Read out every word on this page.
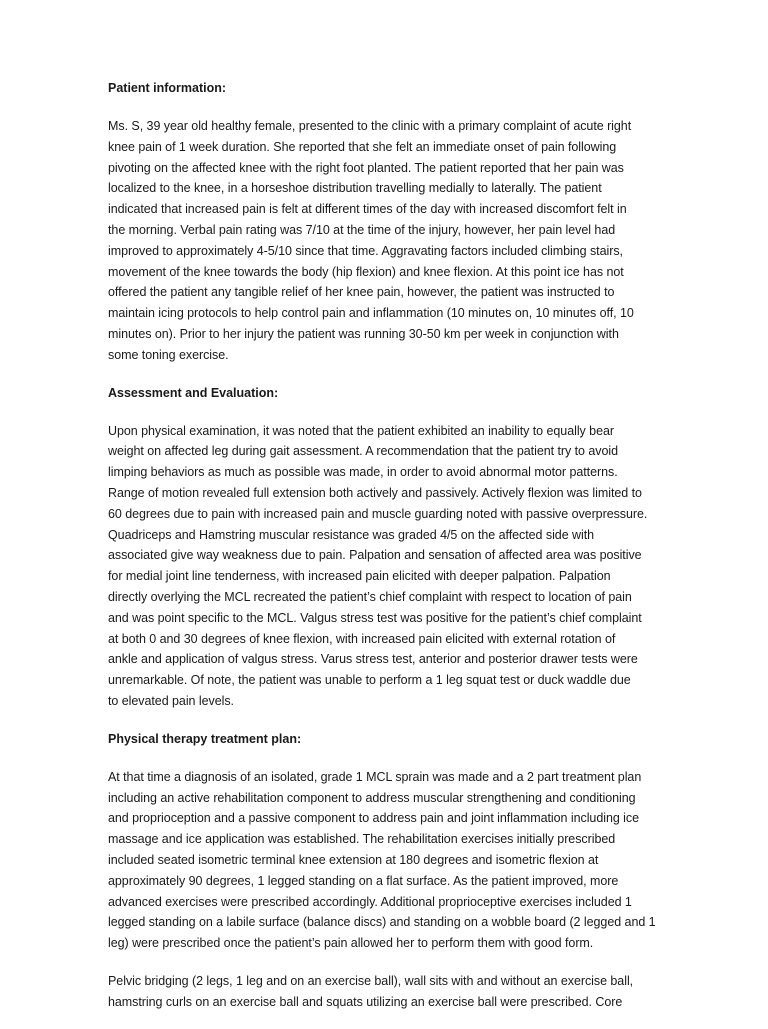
Patient information:
Ms. S, 39 year old healthy female, presented to the clinic with a primary complaint of acute right
knee pain of 1 week duration. She reported that she felt an immediate onset of pain following
pivoting on the affected knee with the right foot planted. The patient reported that her pain was
localized to the knee, in a horseshoe distribution travelling medially to laterally. The patient
indicated that increased pain is felt at different times of the day with increased discomfort felt in
the morning. Verbal pain rating was 7/10 at the time of the injury, however, her pain level had
improved to approximately 4-5/10 since that time. Aggravating factors included climbing stairs,
movement of the knee towards the body (hip flexion) and knee flexion. At this point ice has not
offered the patient any tangible relief of her knee pain, however, the patient was instructed to
maintain icing protocols to help control pain and inflammation (10 minutes on, 10 minutes off, 10
minutes on). Prior to her injury the patient was running 30-50 km per week in conjunction with
some toning exercise.
Assessment and Evaluation:
Upon physical examination, it was noted that the patient exhibited an inability to equally bear
weight on affected leg during gait assessment. A recommendation that the patient try to avoid
limping behaviors as much as possible was made, in order to avoid abnormal motor patterns.
Range of motion revealed full extension both actively and passively. Actively flexion was limited to
60 degrees due to pain with increased pain and muscle guarding noted with passive overpressure.
Quadriceps and Hamstring muscular resistance was graded 4/5 on the affected side with
associated give way weakness due to pain. Palpation and sensation of affected area was positive
for medial joint line tenderness, with increased pain elicited with deeper palpation. Palpation
directly overlying the MCL recreated the patient’s chief complaint with respect to location of pain
and was point specific to the MCL. Valgus stress test was positive for the patient’s chief complaint
at both 0 and 30 degrees of knee flexion, with increased pain elicited with external rotation of
ankle and application of valgus stress. Varus stress test, anterior and posterior drawer tests were
unremarkable. Of note, the patient was unable to perform a 1 leg squat test or duck waddle due
to elevated pain levels.
Physical therapy treatment plan:
At that time a diagnosis of an isolated, grade 1 MCL sprain was made and a 2 part treatment plan
including an active rehabilitation component to address muscular strengthening and conditioning
and proprioception and a passive component to address pain and joint inflammation including ice
massage and ice application was established. The rehabilitation exercises initially prescribed
included seated isometric terminal knee extension at 180 degrees and isometric flexion at
approximately 90 degrees, 1 legged standing on a flat surface. As the patient improved, more
advanced exercises were prescribed accordingly. Additional proprioceptive exercises included 1
legged standing on a labile surface (balance discs) and standing on a wobble board (2 legged and 1
leg) were prescribed once the patient’s pain allowed her to perform them with good form.
Pelvic bridging (2 legs, 1 leg and on an exercise ball), wall sits with and without an exercise ball,
hamstring curls on an exercise ball and squats utilizing an exercise ball were prescribed. Core
